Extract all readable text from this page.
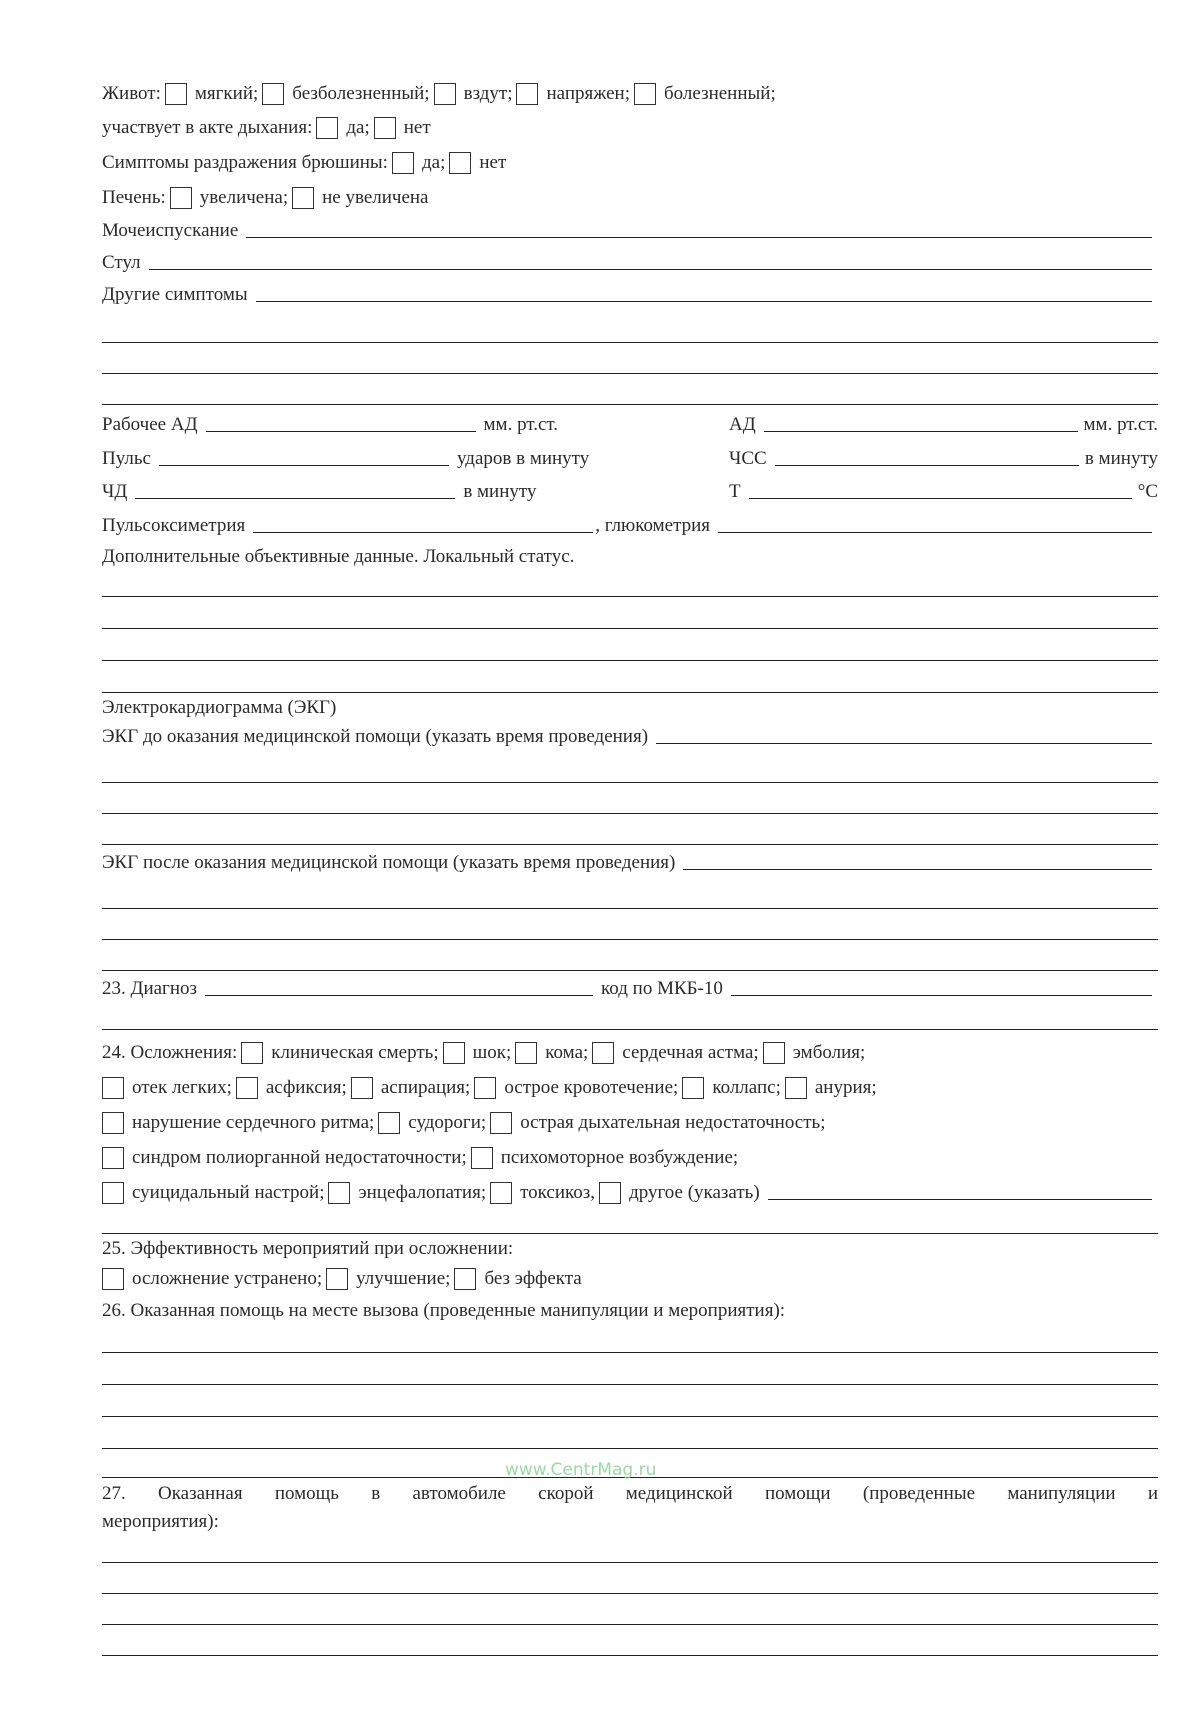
Живот: мягкий; безболезненный; вздут; напряжен; болезненный;
участвует в акте дыхания: да; нет
Симптомы раздражения брюшины: да; нет
Печень: увеличена; не увеличена
Мочеиспускание
Стул
Другие симптомы
Рабочее АД	мм. рт.ст.	АД	мм. рт.ст.
Пульс	ударов в минуту	ЧСС	в минуту
ЧД	в минуту	Т	°С
Пульсоксиметрия	, глюкометрия
Дополнительные объективные данные. Локальный статус.
Электрокардиограмма (ЭКГ)
ЭКГ до оказания медицинской помощи (указать время проведения)
ЭКГ после оказания медицинской помощи (указать время проведения)
23. Диагноз	код по МКБ-10
24. Осложнения: клиническая смерть; шок; кома; сердечная астма; эмболия;
отек легких; асфиксия; аспирация; острое кровотечение; коллапс; анурия;
нарушение сердечного ритма; судороги; острая дыхательная недостаточность;
синдром полиорганной недостаточности; психомоторное возбуждение;
суицидальный настрой; энцефалопатия; токсикоз, другое (указать)
25. Эффективность мероприятий при осложнении:
осложнение устранено; улучшение; без эффекта
26. Оказанная помощь на месте вызова (проведенные манипуляции и мероприятия):
www.CentrMag.ru
27. Оказанная помощь в автомобиле скорой медицинской помощи (проведенные манипуляции и
мероприятия):
